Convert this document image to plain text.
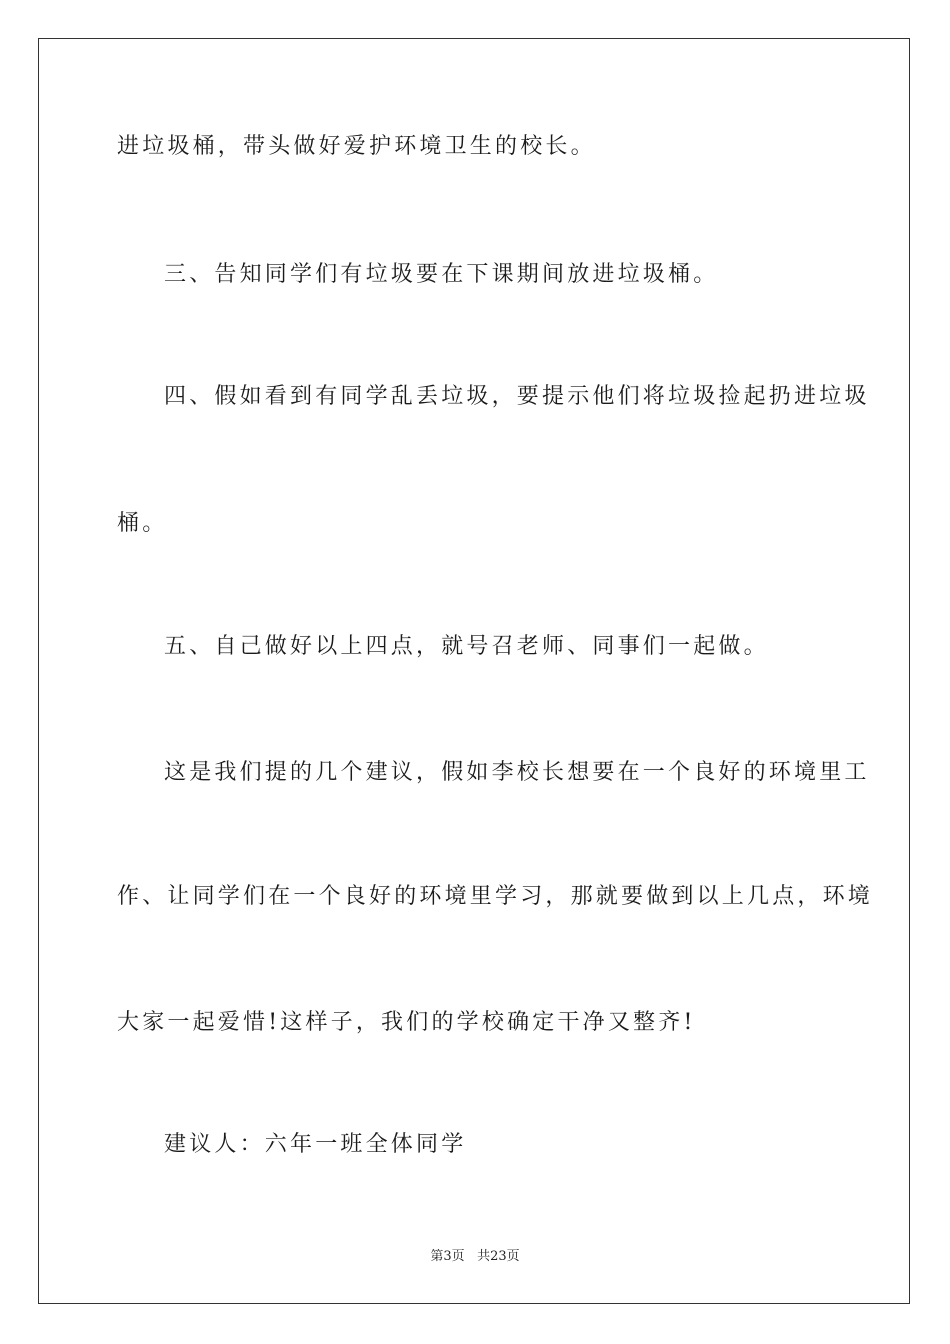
进垃圾桶，带头做好爱护环境卫生的校长。
三、告知同学们有垃圾要在下课期间放进垃圾桶。
四、假如看到有同学乱丢垃圾，要提示他们将垃圾捡起扔进垃圾
桶。
五、自己做好以上四点，就号召老师、同事们一起做。
这是我们提的几个建议，假如李校长想要在一个良好的环境里工
作、让同学们在一个良好的环境里学习，那就要做到以上几点，环境
大家一起爱惜!这样子，我们的学校确定干净又整齐!
建议人：六年一班全体同学
第3页 共23页
